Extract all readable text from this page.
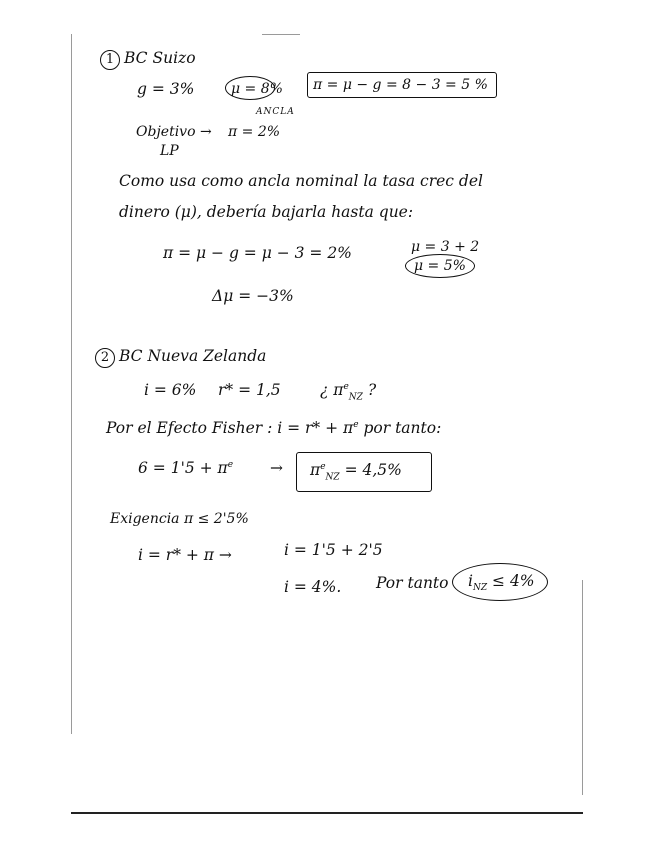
1 BC Suizo
g = 3%	μ = 8%
ANCLA
π = μ − g = 8 − 3 = 5 %
Objetivo → π = 2%
LP
Como usa como ancla nominal la tasa crec del
dinero (μ), debería bajarla hasta que:
π = μ − g = μ − 3 = 2%	μ = 3 + 2
μ = 5%
Δμ = −3%
2 BC Nueva Zelanda
i = 6% r* = 1,5	¿ $\pi^e_{NZ}$ ?
Por el Efecto Fisher : $i = r* + \pi^e$ por tanto:
$6 = 1'5 + \pi^e \to \pi^e_{NZ} = 4,5\%$
Exigencia π ≤ 2'5%
i = r* + π →	i = 1'5 + 2'5
i = 4%. Por tanto $i_{NZ} \le 4\%$
